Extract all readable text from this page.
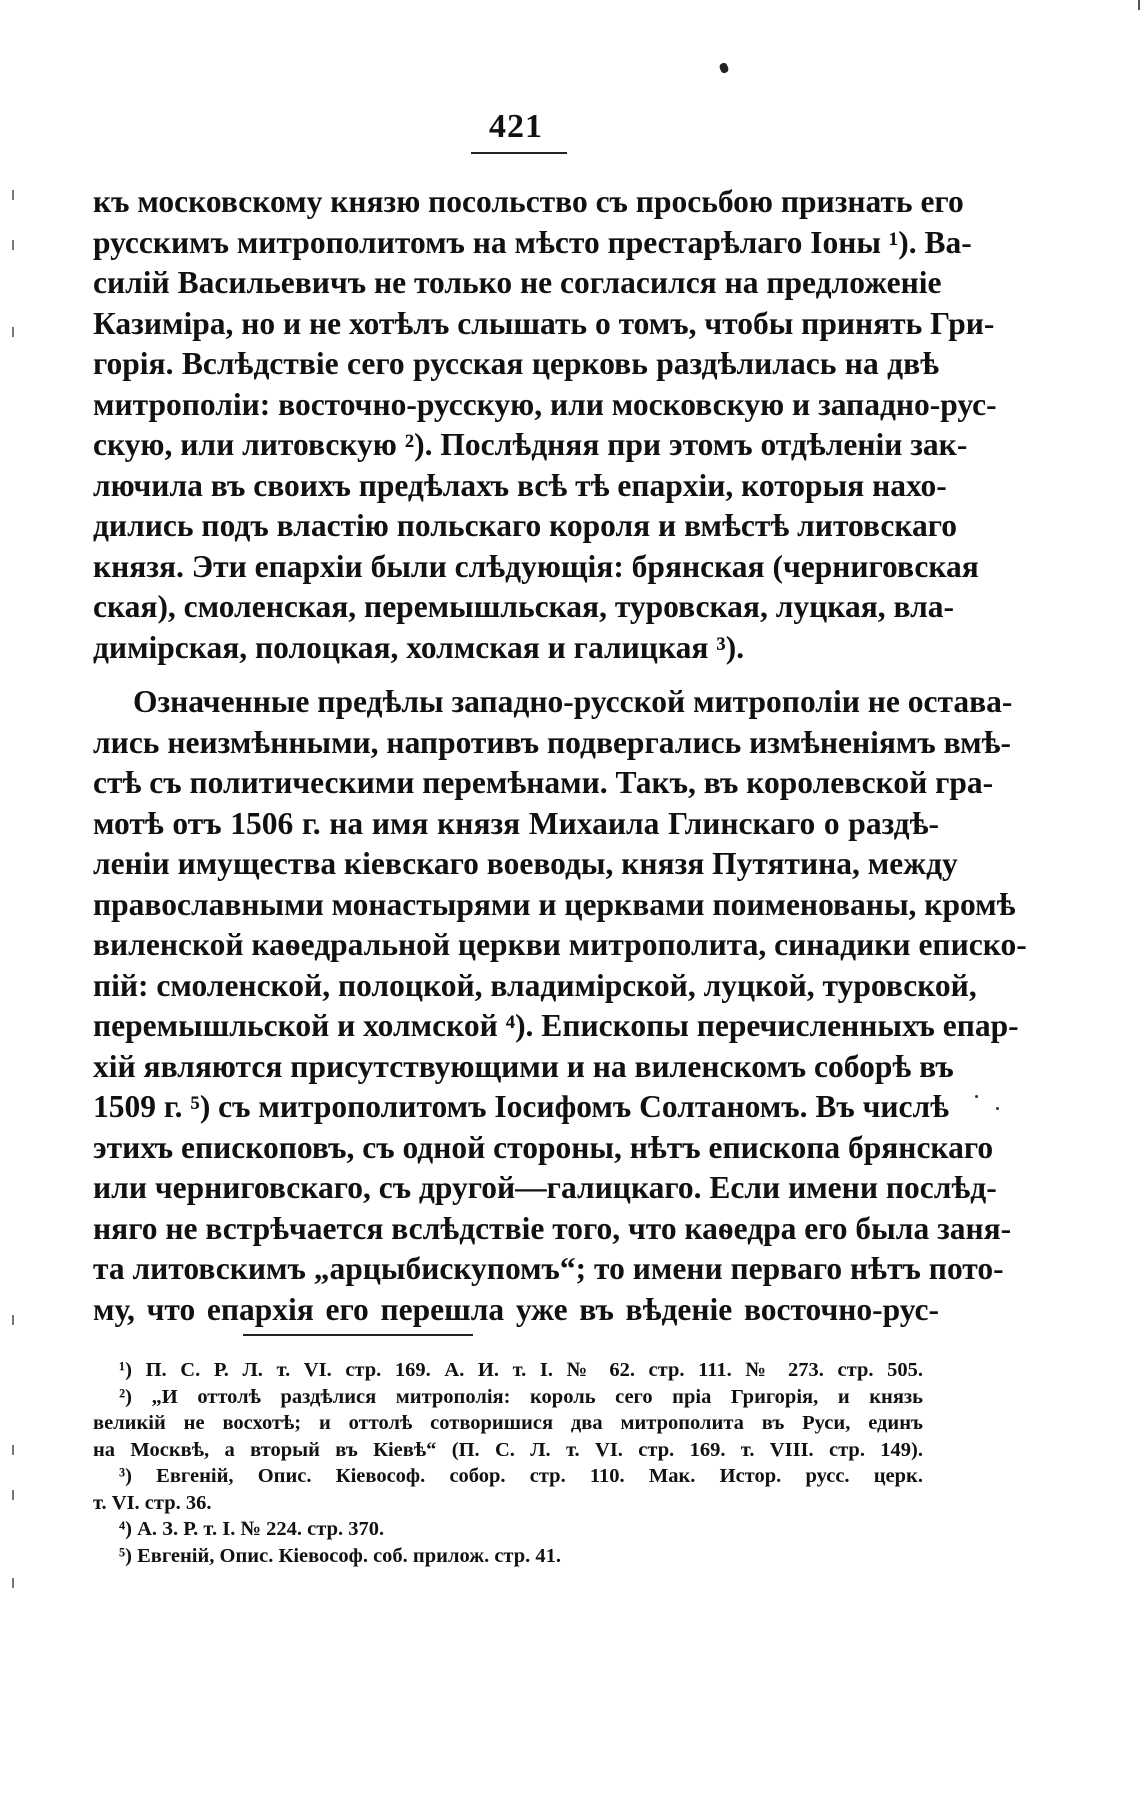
421
къ московскому князю посольство съ просьбою признать его
русскимъ митрополитомъ на мѣсто престарѣлаго Іоны ¹). Ва-
силій Васильевичъ не только не согласился на предложеніе
Казиміра, но и не хотѣлъ слышать о томъ, чтобы принять Гри-
горія. Вслѣдствіе сего русская церковь раздѣлилась на двѣ
митрополіи: восточно-русскую, или московскую и западно-рус-
скую, или литовскую ²). Послѣдняя при этомъ отдѣленіи зак-
лючила въ своихъ предѣлахъ всѣ тѣ епархіи, которыя нахо-
дились подъ властію польскаго короля и вмѣстѣ литовскаго
князя. Эти епархіи были слѣдующія: брянская (черниговская
ская), смоленская, перемышльская, туровская, луцкая, вла-
димірская, полоцкая, холмская и галицкая ³).
Означенные предѣлы западно-русской митрополіи не остава-
лись неизмѣнными, напротивъ подвергались измѣненіямъ вмѣ-
стѣ съ политическими перемѣнами. Такъ, въ королевской гра-
мотѣ отъ 1506 г. на имя князя Михаила Глинскаго о раздѣ-
леніи имущества кіевскаго воеводы, князя Путятина, между
православными монастырями и церквами поименованы, кромѣ
виленской каѳедральной церкви митрополита, синадики еписко-
пій: смоленской, полоцкой, владимірской, луцкой, туровской,
перемышльской и холмской ⁴). Епископы перечисленныхъ епар-
хій являются присутствующими и на виленскомъ соборѣ въ
1509 г. ⁵) съ митрополитомъ Іосифомъ Солтаномъ. Въ числѣ
этихъ епископовъ, съ одной стороны, нѣтъ епископа брянскаго
или черниговскаго, съ другой—галицкаго. Если имени послѣд-
няго не встрѣчается вслѣдствіе того, что каѳедра его была заня-
та литовскимъ „арцыбискупомъ“; то имени перваго нѣтъ пото-
му, что епархія его перешла уже въ вѣденіе восточно-рус-
¹) П. С. Р. Л. т. VI. стр. 169. А. И. т. I. № 62. стр. 111. № 273. стр. 505.
²) „И оттолѣ раздѣлися митрополія: король сего пріа Григорія, и князь
великій не восхотѣ; и оттолѣ сотворишися два митрополита въ Руси, единъ
на Москвѣ, а вторый въ Кіевѣ“ (П. С. Л. т. VI. стр. 169. т. VIII. стр. 149).
³) Евгеній, Опис. Кіевософ. собор. стр. 110. Мак. Истор. русс. церк.
т. VI. стр. 36.
⁴) А. З. Р. т. I. № 224. стр. 370.
⁵) Евгеній, Опис. Кіевософ. соб. прилож. стр. 41.
